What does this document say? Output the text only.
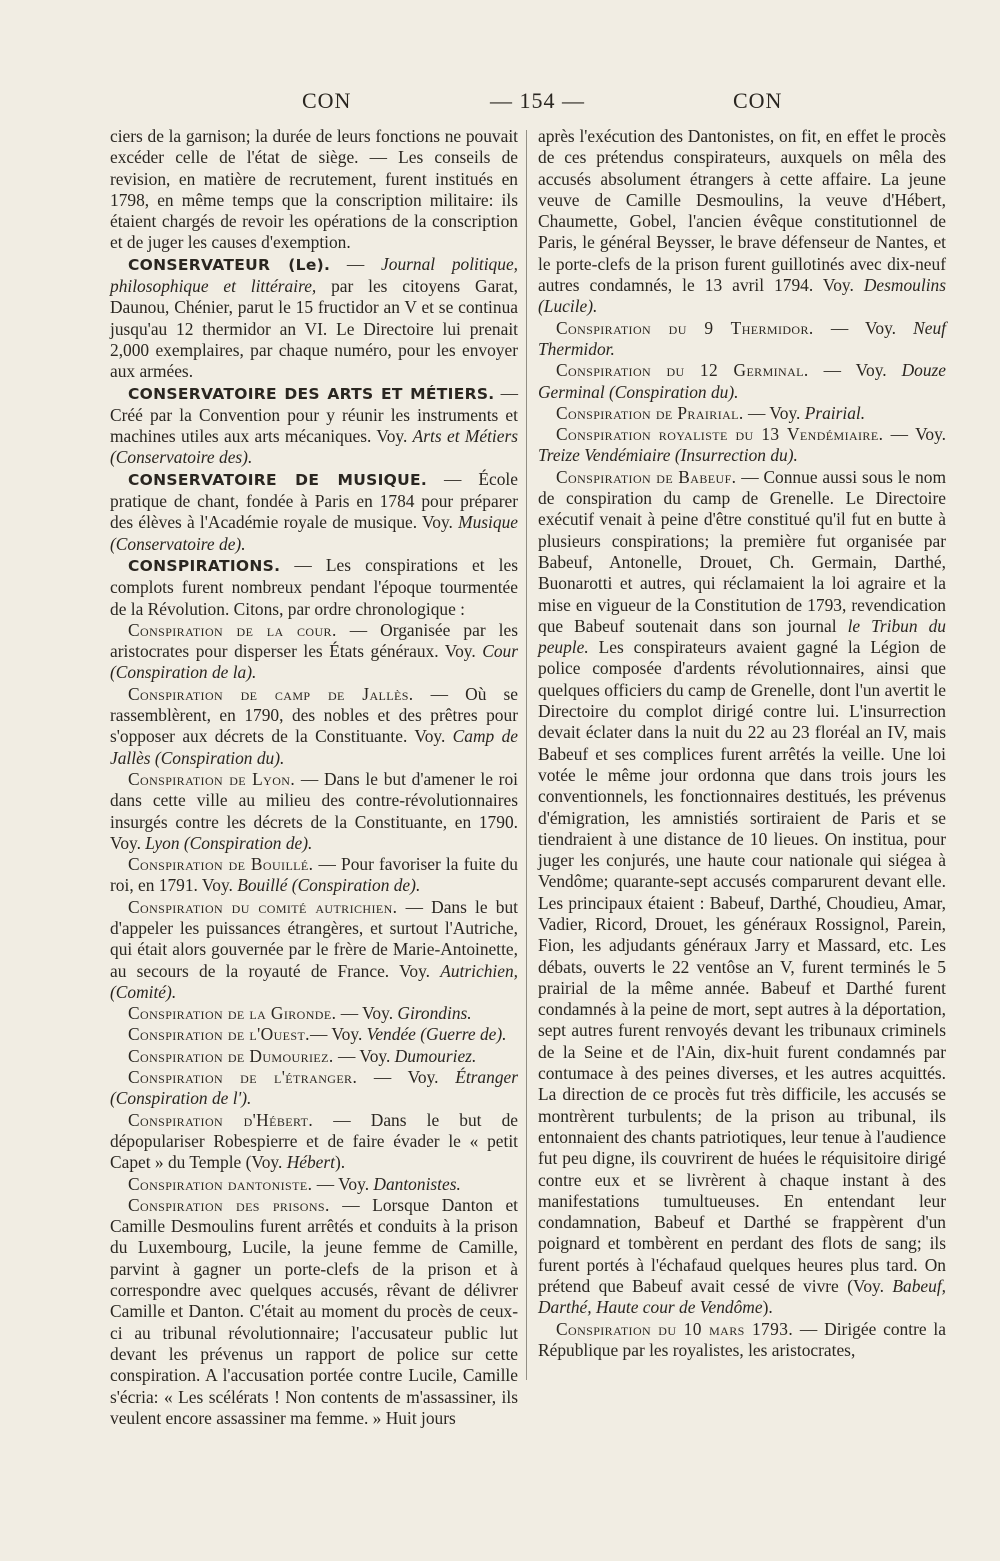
CON	— 154 —	CON

ciers de la garnison; la durée de leurs fonctions ne pouvait excéder celle de l'état de siège. — Les conseils de revision, en matière de recrutement, furent institués en 1798, en même temps que la conscription militaire: ils étaient chargés de revoir les opérations de la conscription et de juger les causes d'exemption.

CONSERVATEUR (Le). — Journal politique, philosophique et littéraire, par les citoyens Garat, Daunou, Chénier, parut le 15 fructidor an V et se continua jusqu'au 12 thermidor an VI. Le Directoire lui prenait 2,000 exemplaires, par chaque numéro, pour les envoyer aux armées.

CONSERVATOIRE DES ARTS ET MÉTIERS. — Créé par la Convention pour y réunir les instruments et machines utiles aux arts mécaniques. Voy. Arts et Métiers (Conservatoire des).

CONSERVATOIRE DE MUSIQUE. — École pratique de chant, fondée à Paris en 1784 pour préparer des élèves à l'Académie royale de musique. Voy. Musique (Conservatoire de).

CONSPIRATIONS. — Les conspirations et les complots furent nombreux pendant l'époque tourmentée de la Révolution. Citons, par ordre chronologique :

Conspiration de la cour. — Organisée par les aristocrates pour disperser les États généraux. Voy. Cour (Conspiration de la).

Conspiration de camp de Jallès. — Où se rassemblèrent, en 1790, des nobles et des prêtres pour s'opposer aux décrets de la Constituante. Voy. Camp de Jallès (Conspiration du).

Conspiration de Lyon. — Dans le but d'amener le roi dans cette ville au milieu des contre-révolutionnaires insurgés contre les décrets de la Constituante, en 1790. Voy. Lyon (Conspiration de).

Conspiration de Bouillé. — Pour favoriser la fuite du roi, en 1791. Voy. Bouillé (Conspiration de).

Conspiration du comité autrichien. — Dans le but d'appeler les puissances étrangères, et surtout l'Autriche, qui était alors gouvernée par le frère de Marie-Antoinette, au secours de la royauté de France. Voy. Autrichien, (Comité).

Conspiration de la Gironde. — Voy. Girondins.

Conspiration de l'Ouest.— Voy. Vendée (Guerre de).

Conspiration de Dumouriez. — Voy. Dumouriez.

Conspiration de l'étranger. — Voy. Étranger (Conspiration de l').

Conspiration d'Hébert. — Dans le but de dépopulariser Robespierre et de faire évader le « petit Capet » du Temple (Voy. Hébert).

Conspiration dantoniste. — Voy. Dantonistes.

Conspiration des prisons. — Lorsque Danton et Camille Desmoulins furent arrêtés et conduits à la prison du Luxembourg, Lucile, la jeune femme de Camille, parvint à gagner un porte-clefs de la prison et à correspondre avec quelques accusés, rêvant de délivrer Camille et Danton. C'était au moment du procès de ceux-ci au tribunal révolutionnaire; l'accusateur public lut devant les prévenus un rapport de police sur cette conspiration. A l'accusation portée contre Lucile, Camille s'écria: « Les scélérats ! Non contents de m'assassiner, ils veulent encore assassiner ma femme. » Huit jours

après l'exécution des Dantonistes, on fit, en effet le procès de ces prétendus conspirateurs, auxquels on mêla des accusés absolument étrangers à cette affaire. La jeune veuve de Camille Desmoulins, la veuve d'Hébert, Chaumette, Gobel, l'ancien évêque constitutionnel de Paris, le général Beysser, le brave défenseur de Nantes, et le porte-clefs de la prison furent guillotinés avec dix-neuf autres condamnés, le 13 avril 1794. Voy. Desmoulins (Lucile).

Conspiration du 9 Thermidor. — Voy. Neuf Thermidor.

Conspiration du 12 Germinal. — Voy. Douze Germinal (Conspiration du).

Conspiration de Prairial. — Voy. Prairial.

Conspiration royaliste du 13 Vendémiaire. — Voy. Treize Vendémiaire (Insurrection du).

Conspiration de Babeuf. — Connue aussi sous le nom de conspiration du camp de Grenelle. Le Directoire exécutif venait à peine d'être constitué qu'il fut en butte à plusieurs conspirations; la première fut organisée par Babeuf, Antonelle, Drouet, Ch. Germain, Darthé, Buonarotti et autres, qui réclamaient la loi agraire et la mise en vigueur de la Constitution de 1793, revendication que Babeuf soutenait dans son journal le Tribun du peuple. Les conspirateurs avaient gagné la Légion de police composée d'ardents révolutionnaires, ainsi que quelques officiers du camp de Grenelle, dont l'un avertit le Directoire du complot dirigé contre lui. L'insurrection devait éclater dans la nuit du 22 au 23 floréal an IV, mais Babeuf et ses complices furent arrêtés la veille. Une loi votée le même jour ordonna que dans trois jours les conventionnels, les fonctionnaires destitués, les prévenus d'émigration, les amnistiés sortiraient de Paris et se tiendraient à une distance de 10 lieues. On institua, pour juger les conjurés, une haute cour nationale qui siégea à Vendôme; quarante-sept accusés comparurent devant elle. Les principaux étaient : Babeuf, Darthé, Choudieu, Amar, Vadier, Ricord, Drouet, les généraux Rossignol, Parein, Fion, les adjudants généraux Jarry et Massard, etc. Les débats, ouverts le 22 ventôse an V, furent terminés le 5 prairial de la même année. Babeuf et Darthé furent condamnés à la peine de mort, sept autres à la déportation, sept autres furent renvoyés devant les tribunaux criminels de la Seine et de l'Ain, dix-huit furent condamnés par contumace à des peines diverses, et les autres acquittés. La direction de ce procès fut très difficile, les accusés se montrèrent turbulents; de la prison au tribunal, ils entonnaient des chants patriotiques, leur tenue à l'audience fut peu digne, ils couvrirent de huées le réquisitoire dirigé contre eux et se livrèrent à chaque instant à des manifestations tumultueuses. En entendant leur condamnation, Babeuf et Darthé se frappèrent d'un poignard et tombèrent en perdant des flots de sang; ils furent portés à l'échafaud quelques heures plus tard. On prétend que Babeuf avait cessé de vivre (Voy. Babeuf, Darthé, Haute cour de Vendôme).

Conspiration du 10 mars 1793. — Dirigée contre la République par les royalistes, les aristocrates,
